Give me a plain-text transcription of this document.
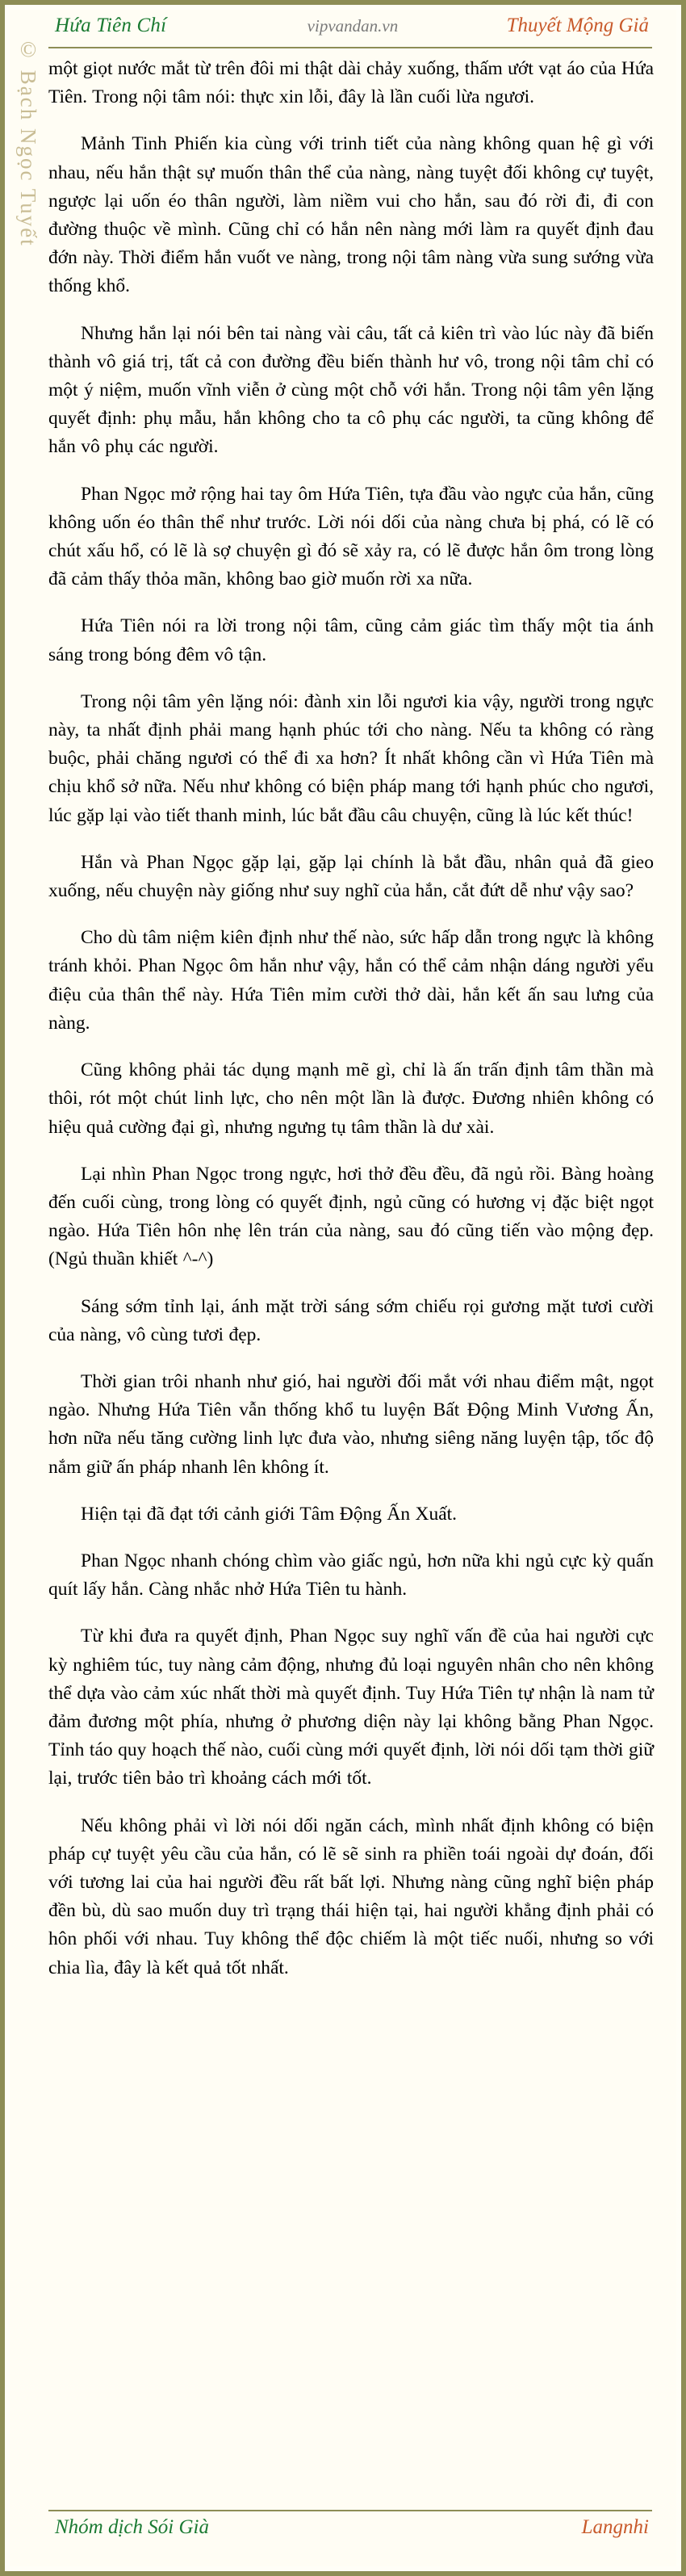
© Bạch Ngọc Tuyết
Hứa Tiên Chí	vipvandan.vn	Thuyết Mộng Giả

một giọt nước mắt từ trên đôi mi thật dài chảy xuống, thấm ướt vạt áo của Hứa Tiên. Trong nội tâm nói: thực xin lỗi, đây là lần cuối lừa ngươi.

Mảnh Tinh Phiến kia cùng với trinh tiết của nàng không quan hệ gì với nhau, nếu hắn thật sự muốn thân thể của nàng, nàng tuyệt đối không cự tuyệt, ngược lại uốn éo thân người, làm niềm vui cho hắn, sau đó rời đi, đi con đường thuộc về mình. Cũng chỉ có hắn nên nàng mới làm ra quyết định đau đớn này. Thời điểm hắn vuốt ve nàng, trong nội tâm nàng vừa sung sướng vừa thống khổ.

Nhưng hắn lại nói bên tai nàng vài câu, tất cả kiên trì vào lúc này đã biến thành vô giá trị, tất cả con đường đều biến thành hư vô, trong nội tâm chỉ có một ý niệm, muốn vĩnh viễn ở cùng một chỗ với hắn. Trong nội tâm yên lặng quyết định: phụ mẫu, hắn không cho ta cô phụ các người, ta cũng không để hắn vô phụ các người.

Phan Ngọc mở rộng hai tay ôm Hứa Tiên, tựa đầu vào ngực của hắn, cũng không uốn éo thân thể như trước. Lời nói dối của nàng chưa bị phá, có lẽ có chút xấu hổ, có lẽ là sợ chuyện gì đó sẽ xảy ra, có lẽ được hắn ôm trong lòng đã cảm thấy thỏa mãn, không bao giờ muốn rời xa nữa.

Hứa Tiên nói ra lời trong nội tâm, cũng cảm giác tìm thấy một tia ánh sáng trong bóng đêm vô tận.

Trong nội tâm yên lặng nói: đành xin lỗi ngươi kia vậy, người trong ngực này, ta nhất định phải mang hạnh phúc tới cho nàng. Nếu ta không có ràng buộc, phải chăng ngươi có thể đi xa hơn? Ít nhất không cần vì Hứa Tiên mà chịu khổ sở nữa. Nếu như không có biện pháp mang tới hạnh phúc cho ngươi, lúc gặp lại vào tiết thanh minh, lúc bắt đầu câu chuyện, cũng là lúc kết thúc!

Hắn và Phan Ngọc gặp lại, gặp lại chính là bắt đầu, nhân quả đã gieo xuống, nếu chuyện này giống như suy nghĩ của hắn, cắt đứt dễ như vậy sao?

Cho dù tâm niệm kiên định như thế nào, sức hấp dẫn trong ngực là không tránh khỏi. Phan Ngọc ôm hắn như vậy, hắn có thể cảm nhận dáng người yểu điệu của thân thể này. Hứa Tiên mỉm cười thở dài, hắn kết ấn sau lưng của nàng.

Cũng không phải tác dụng mạnh mẽ gì, chỉ là ấn trấn định tâm thần mà thôi, rót một chút linh lực, cho nên một lần là được. Đương nhiên không có hiệu quả cường đại gì, nhưng ngưng tụ tâm thần là dư xài.

Lại nhìn Phan Ngọc trong ngực, hơi thở đều đều, đã ngủ rồi. Bàng hoàng đến cuối cùng, trong lòng có quyết định, ngủ cũng có hương vị đặc biệt ngọt ngào. Hứa Tiên hôn nhẹ lên trán của nàng, sau đó cũng tiến vào mộng đẹp. (Ngủ thuần khiết ^-^)

Sáng sớm tỉnh lại, ánh mặt trời sáng sớm chiếu rọi gương mặt tươi cười của nàng, vô cùng tươi đẹp.

Thời gian trôi nhanh như gió, hai người đối mắt với nhau điểm mật, ngọt ngào. Nhưng Hứa Tiên vẫn thống khổ tu luyện Bất Động Minh Vương Ấn, hơn nữa nếu tăng cường linh lực đưa vào, nhưng siêng năng luyện tập, tốc độ nắm giữ ấn pháp nhanh lên không ít.

Hiện tại đã đạt tới cảnh giới Tâm Động Ấn Xuất.

Phan Ngọc nhanh chóng chìm vào giấc ngủ, hơn nữa khi ngủ cực kỳ quấn quít lấy hắn. Càng nhắc nhở Hứa Tiên tu hành.

Từ khi đưa ra quyết định, Phan Ngọc suy nghĩ vấn đề của hai người cực kỳ nghiêm túc, tuy nàng cảm động, nhưng đủ loại nguyên nhân cho nên không thể dựa vào cảm xúc nhất thời mà quyết định. Tuy Hứa Tiên tự nhận là nam tử đảm đương một phía, nhưng ở phương diện này lại không bằng Phan Ngọc. Tỉnh táo quy hoạch thế nào, cuối cùng mới quyết định, lời nói dối tạm thời giữ lại, trước tiên bảo trì khoảng cách mới tốt.

Nếu không phải vì lời nói dối ngăn cách, mình nhất định không có biện pháp cự tuyệt yêu cầu của hắn, có lẽ sẽ sinh ra phiền toái ngoài dự đoán, đối với tương lai của hai người đều rất bất lợi. Nhưng nàng cũng nghĩ biện pháp đền bù, dù sao muốn duy trì trạng thái hiện tại, hai người khẳng định phải có hôn phối với nhau. Tuy không thể độc chiếm là một tiếc nuối, nhưng so với chia lìa, đây là kết quả tốt nhất.

Nhóm dịch Sói Già	Langnhi
